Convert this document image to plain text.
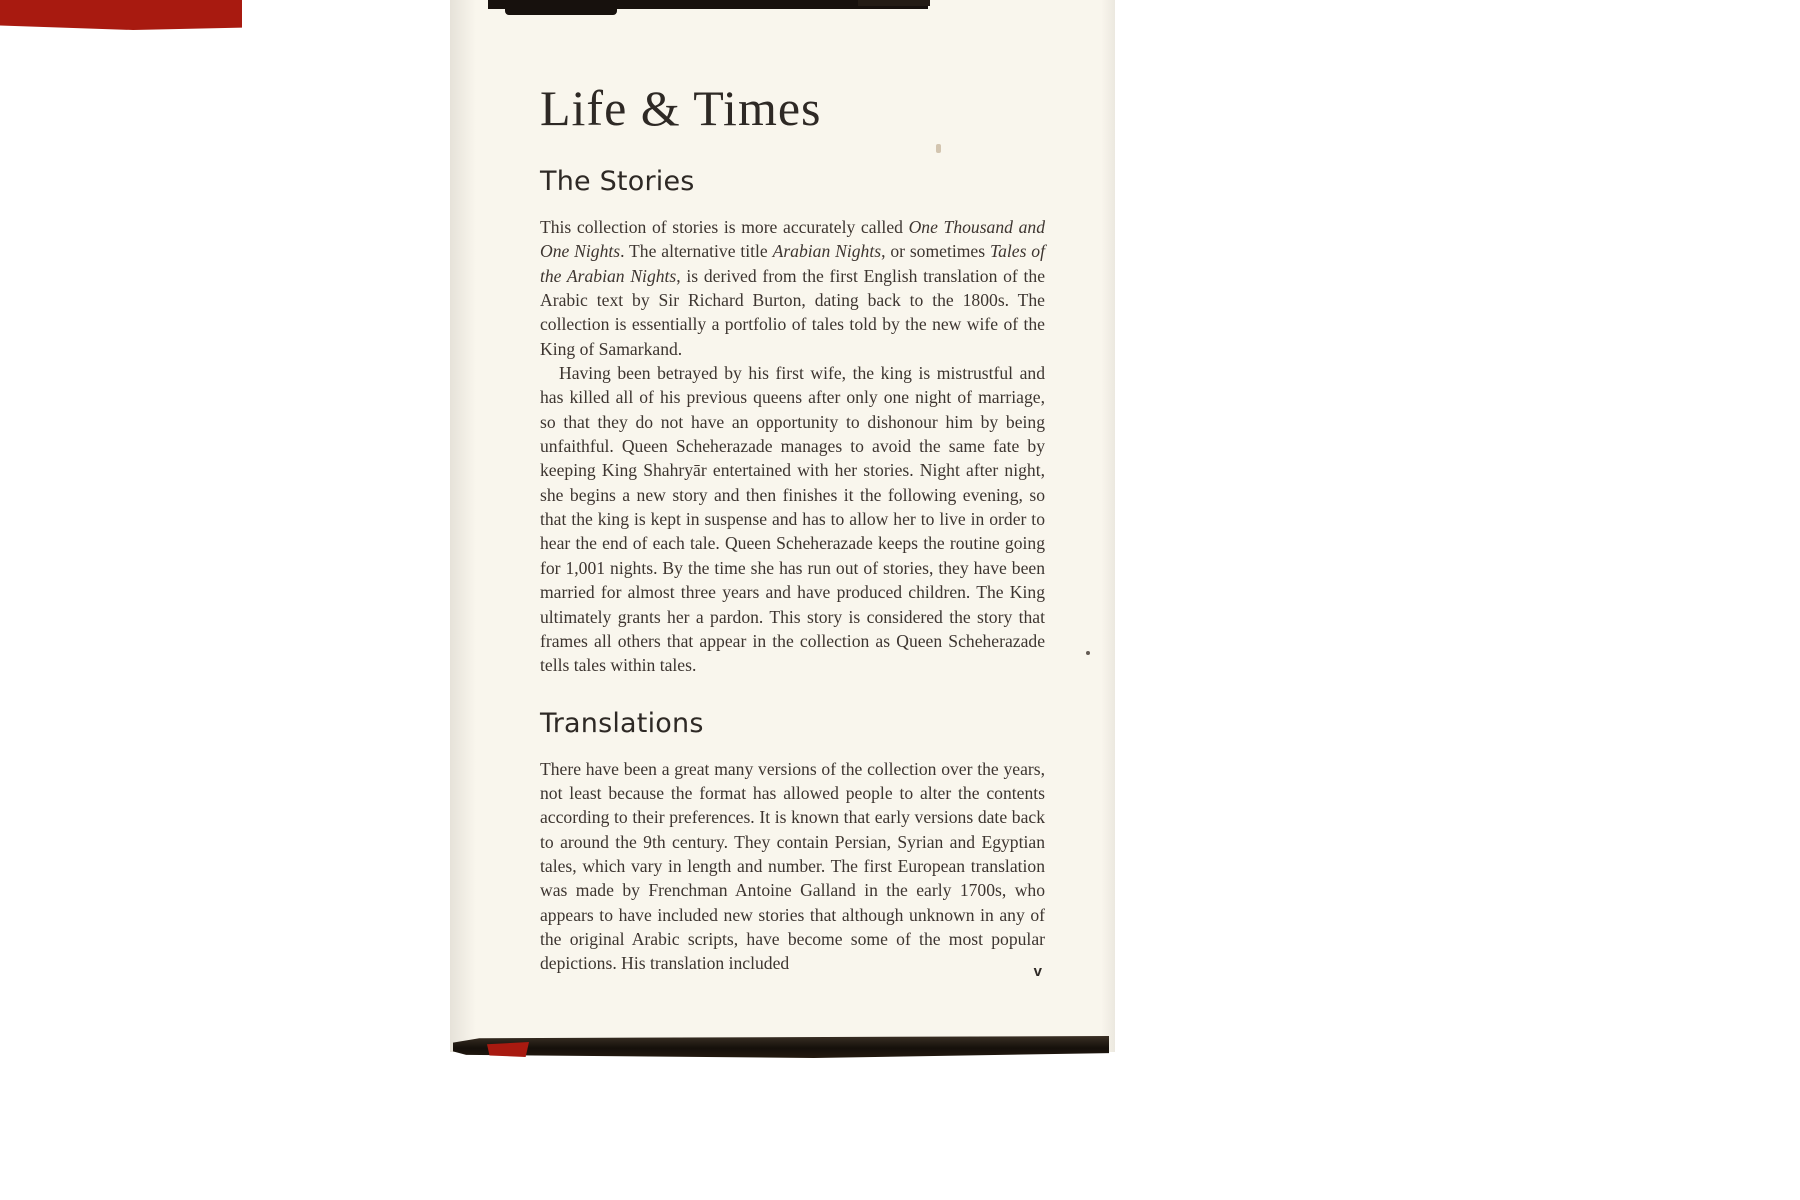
Life & Times
The Stories

This collection of stories is more accurately called One Thousand and One Nights. The alternative title Arabian Nights, or sometimes Tales of the Arabian Nights, is derived from the first English translation of the Arabic text by Sir Richard Burton, dating back to the 1800s. The collection is essentially a portfolio of tales told by the new wife of the King of Samarkand.

Having been betrayed by his first wife, the king is mistrustful and has killed all of his previous queens after only one night of marriage, so that they do not have an opportunity to dishonour him by being unfaithful. Queen Scheherazade manages to avoid the same fate by keeping King Shahryār entertained with her stories. Night after night, she begins a new story and then finishes it the following evening, so that the king is kept in suspense and has to allow her to live in order to hear the end of each tale. Queen Scheherazade keeps the routine going for 1,001 nights. By the time she has run out of stories, they have been married for almost three years and have produced children. The King ultimately grants her a pardon. This story is considered the story that frames all others that appear in the collection as Queen Scheherazade tells tales within tales.

Translations

There have been a great many versions of the collection over the years, not least because the format has allowed people to alter the contents according to their preferences. It is known that early versions date back to around the 9th century. They contain Persian, Syrian and Egyptian tales, which vary in length and number. The first European translation was made by Frenchman Antoine Galland in the early 1700s, who appears to have included new stories that although unknown in any of the original Arabic scripts, have become some of the most popular depictions. His translation included	v
